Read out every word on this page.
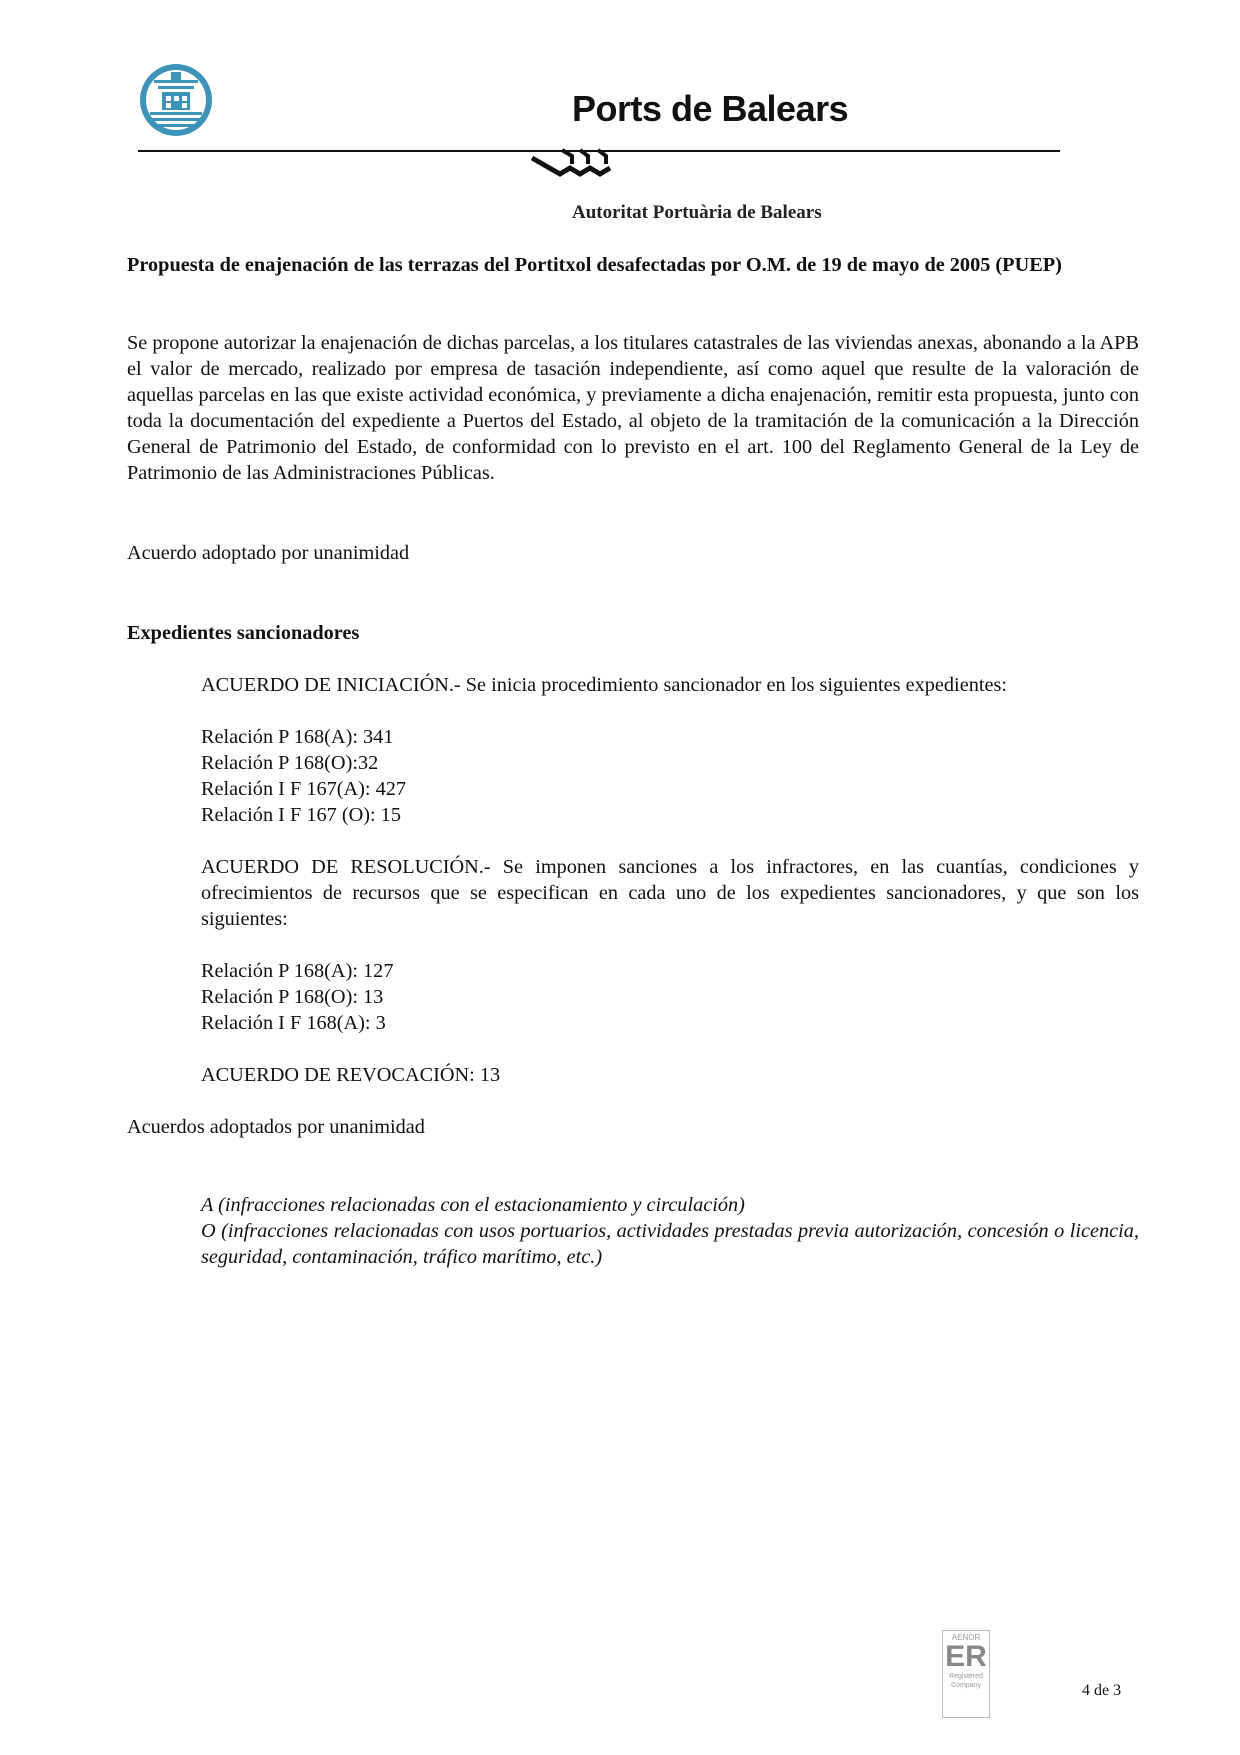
Ports de Balears
Autoritat Portuària de Balears
Propuesta de enajenación de las terrazas del Portitxol desafectadas por O.M. de 19 de mayo de 2005 (PUEP)
Se propone autorizar la enajenación de dichas parcelas, a los titulares catastrales de las viviendas anexas, abonando a la APB el valor de mercado, realizado por empresa de tasación independiente, así como aquel que resulte de la valoración de aquellas parcelas en las que existe actividad económica, y previamente a dicha enajenación, remitir esta propuesta, junto con toda la documentación del expediente a Puertos del Estado, al objeto de la tramitación de la comunicación a la Dirección General de Patrimonio del Estado, de conformidad con lo previsto en el art. 100 del Reglamento General de la Ley de Patrimonio de las Administraciones Públicas.
Acuerdo adoptado por unanimidad
Expedientes sancionadores
ACUERDO DE INICIACIÓN.- Se inicia procedimiento sancionador en los siguientes expedientes:
Relación P 168(A): 341
Relación P 168(O):32
Relación I F 167(A): 427
Relación I F 167 (O): 15
ACUERDO DE RESOLUCIÓN.- Se imponen sanciones a los infractores, en las cuantías, condiciones y ofrecimientos de recursos que se especifican en cada uno de los expedientes sancionadores, y que son los siguientes:
Relación P 168(A): 127
Relación P 168(O): 13
Relación I F 168(A): 3
ACUERDO DE REVOCACIÓN: 13
Acuerdos adoptados por unanimidad
A (infracciones relacionadas con el estacionamiento y circulación)
O (infracciones relacionadas con usos portuarios, actividades prestadas previa autorización, concesión o licencia, seguridad, contaminación, tráfico marítimo, etc.)
AENOR
ER
Registered Company	4 de 3
